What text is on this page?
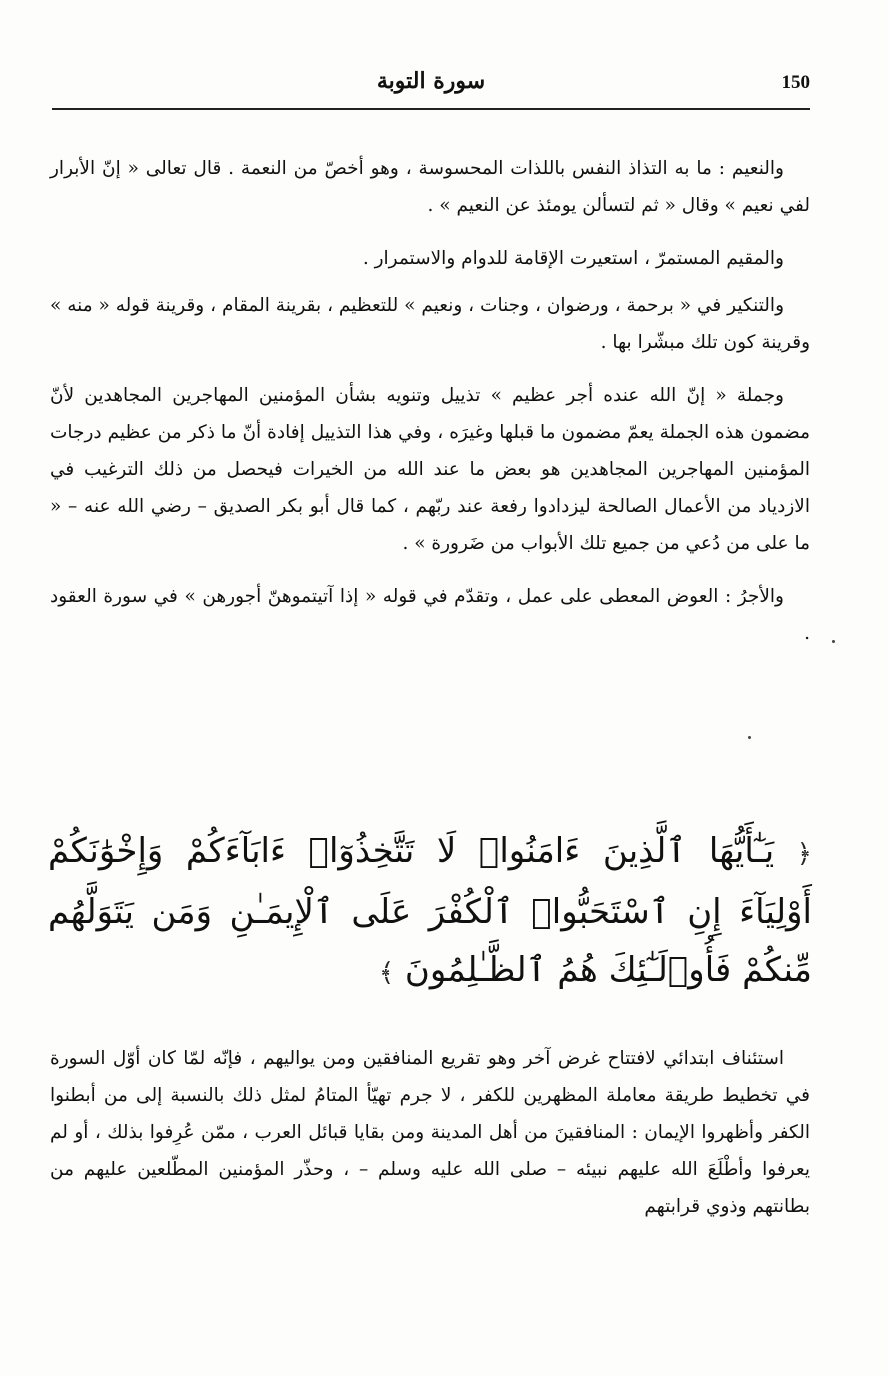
سورة التوبة	150

والنعيم : ما به التذاذ النفس باللذات المحسوسة ، وهو أخصّ من النعمة . قال تعالى « إنّ الأبرار لفي نعيم » وقال « ثم لتسألن يومئذ عن النعيم » .

والمقيم المستمرّ ، استعيرت الإقامة للدوام والاستمرار .

والتنكير في « برحمة ، ورضوان ، وجنات ، ونعيم » للتعظيم ، بقرينة المقام ، وقرينة قوله « منه » وقرينة كون تلك مبشّرا بها .

وجملة « إنّ الله عنده أجر عظيم » تذييل وتنويه بشأن المؤمنين المهاجرين المجاهدين لأنّ مضمون هذه الجملة يعمّ مضمون ما قبلها وغيرَه ، وفي هذا التذييل إفادة أنّ ما ذكر من عظيم درجات المؤمنين المهاجرين المجاهدين هو بعض ما عند الله من الخيرات فيحصل من ذلك الترغيب في الازدياد من الأعمال الصالحة ليزدادوا رفعة عند ربّهم ، كما قال أبو بكر الصديق – رضي الله عنه – « ما على من دُعي من جميع تلك الأبواب من ضَرورة » .

والأجرُ : العوض المعطى على عمل ، وتقدّم في قوله « إذا آتيتموهنّ أجورهن » في سورة العقود .

﴿ يَـٰٓأَيُّهَا ٱلَّذِينَ ءَامَنُوا۟ لَا تَتَّخِذُوٓا۟ ءَابَآءَكُمْ وَإِخْوَٰنَكُمْ أَوْلِيَآءَ إِنِ ٱسْتَحَبُّوا۟ ٱلْكُفْرَ عَلَى ٱلْإِيمَـٰنِ وَمَن يَتَوَلَّهُم مِّنكُمْ فَأُو۟لَـٰٓئِكَ هُمُ ٱلظَّـٰلِمُونَ ﴾

استئناف ابتدائي لافتتاح غرض آخر وهو تقريع المنافقين ومن يواليهم ، فإنّه لمّا كان أوّل السورة في تخطيط طريقة معاملة المظهرين للكفر ، لا جرم تهيّأ المتامُ لمثل ذلك بالنسبة إلى من أبطنوا الكفر وأظهروا الإيمان : المنافقينَ من أهل المدينة ومن بقايا قبائل العرب ، ممّن عُرِفوا بذلك ، أو لم يعرفوا وأطْلَعَ الله عليهم نبيئه – صلى الله عليه وسلم – ، وحذّر المؤمنين المطّلعين عليهم من بطانتهم وذوي قرابتهم
